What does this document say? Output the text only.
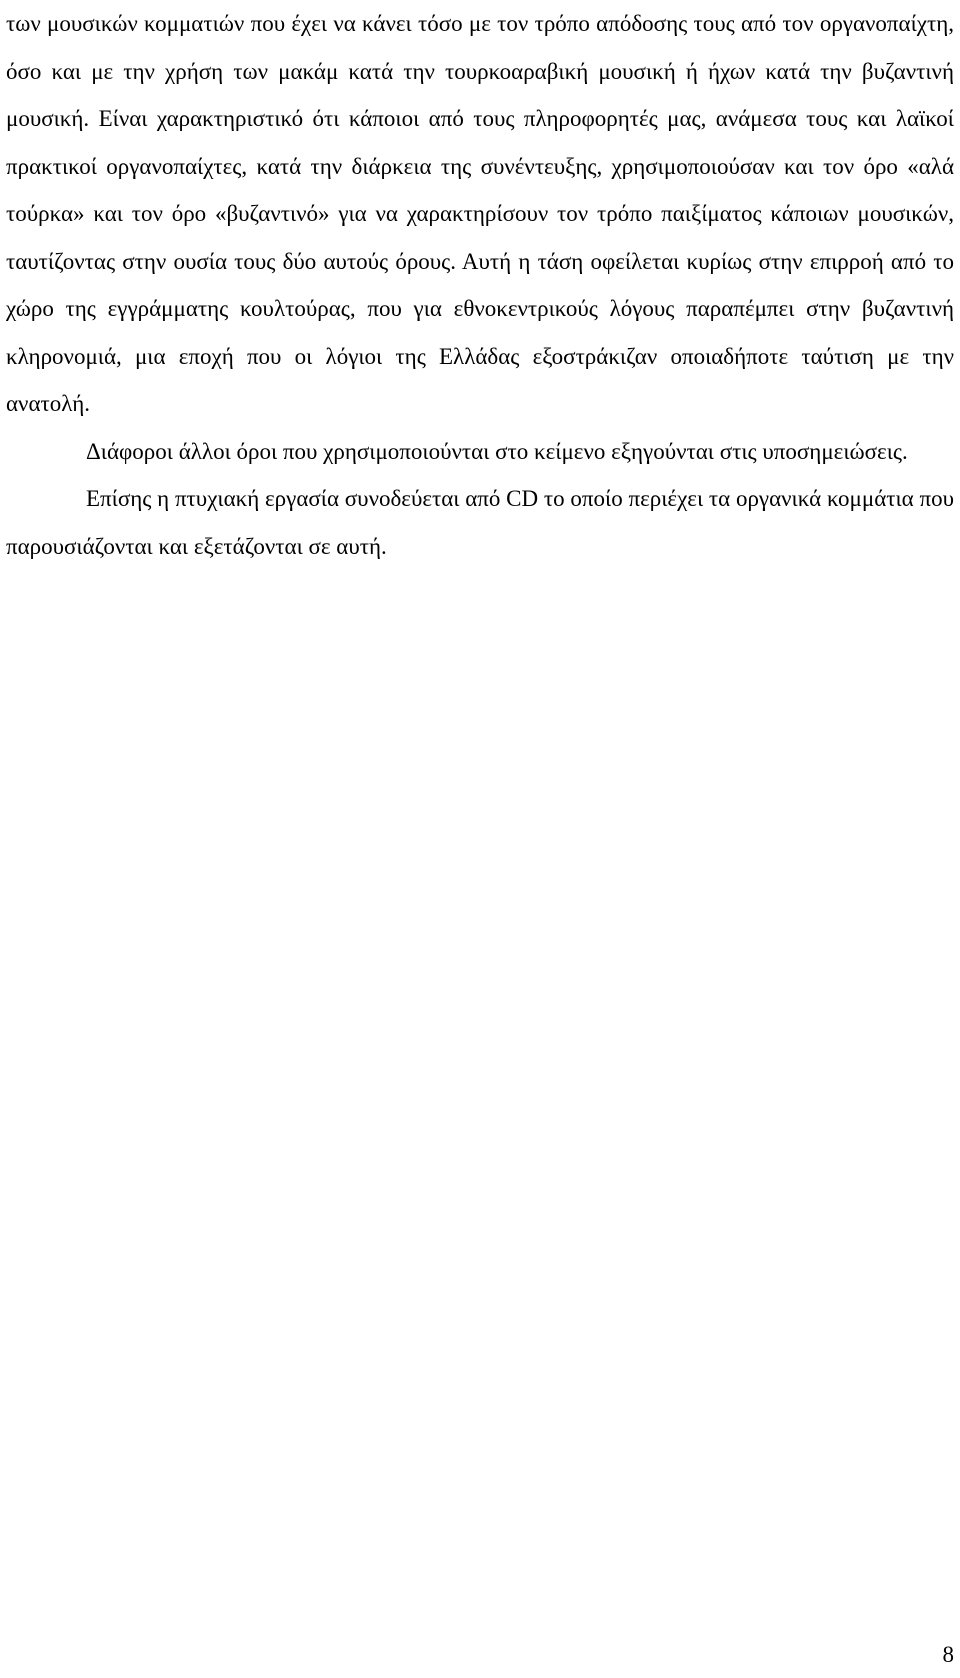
των μουσικών κομματιών που έχει να κάνει τόσο με τον τρόπο απόδοσης τους από τον οργανοπαίχτη, όσο και με την χρήση των μακάμ κατά την τουρκοαραβική μουσική ή ήχων κατά την βυζαντινή μουσική. Είναι χαρακτηριστικό ότι κάποιοι από τους πληροφορητές μας, ανάμεσα τους και λαϊκοί πρακτικοί οργανοπαίχτες, κατά την διάρκεια της συνέντευξης, χρησιμοποιούσαν και τον όρο «αλά τούρκα» και τον όρο «βυζαντινό» για να χαρακτηρίσουν τον τρόπο παιξίματος κάποιων μουσικών, ταυτίζοντας στην ουσία τους δύο αυτούς όρους. Αυτή η τάση οφείλεται κυρίως στην επιρροή από το χώρο της εγγράμματης κουλτούρας, που για εθνοκεντρικούς λόγους παραπέμπει στην βυζαντινή κληρονομιά, μια εποχή που οι λόγιοι της Ελλάδας εξοστράκιζαν οποιαδήποτε ταύτιση με την ανατολή.

Διάφοροι άλλοι όροι που χρησιμοποιούνται στο κείμενο εξηγούνται στις υποσημειώσεις.

Επίσης η πτυχιακή εργασία συνοδεύεται από CD το οποίο περιέχει τα οργανικά κομμάτια που παρουσιάζονται και εξετάζονται σε αυτή.

8
